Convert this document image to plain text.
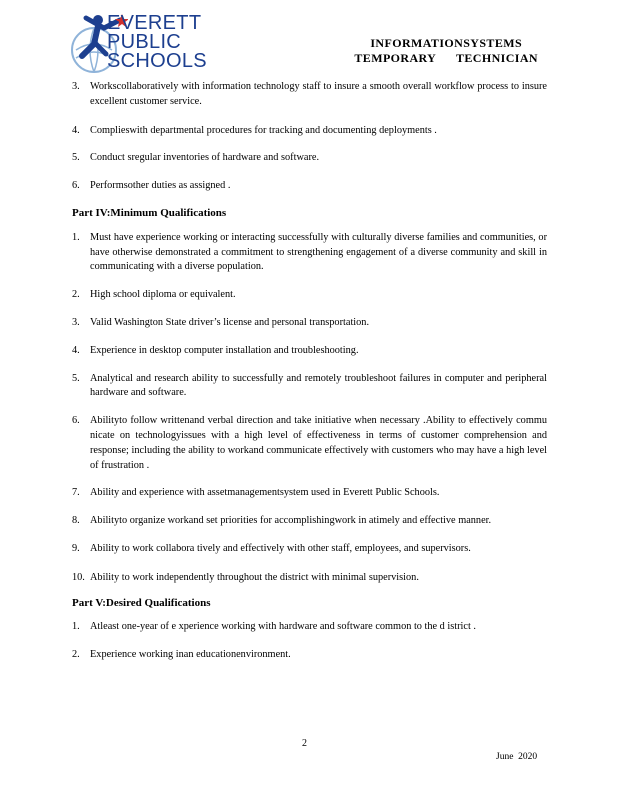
EVERETT
PUBLIC
SCHOOLS
INFORMATIONSYSTEMS
TEMPORARY      TECHNICIAN
3. Workscollaboratively with information technology staff to insure a smooth overall workflow process to insure excellent customer service.
4. Complieswith departmental procedures for tracking and documenting deployments .
5. Conduct sregular inventories of hardware and software.
6. Performsother duties as assigned .
Part IV:Minimum Qualifications
1. Must have experience working or interacting successfully with culturally diverse families and communities, or have otherwise demonstrated a commitment to strengthening engagement of a diverse community and skill in communicating with a diverse population.
2. High school diploma or equivalent.
3. Valid Washington State driver’s license and personal transportation.
4. Experience in desktop computer installation and troubleshooting.
5. Analytical and research ability to successfully and remotely troubleshoot failures in computer and peripheral hardware and software.
6. Abilityto follow writtenand verbal direction and take initiative when necessary .Ability to effectively commu nicate on technologyissues with a high level of effectiveness in terms of customer comprehension and response; including the ability to workand communicate effectively with customers who may have a high level of frustration .
7. Ability and experience with assetmanagementsystem used in Everett Public Schools.
8. Abilityto organize workand set priorities for accomplishingwork in atimely and effective manner.
9. Ability to work collabora tively and effectively with other staff, employees, and supervisors.
10. Ability to work independently throughout the district with minimal supervision.
Part V:Desired Qualifications
1. Atleast one-year of e xperience working with hardware and software common to the d istrict .
2. Experience working inan educationenvironment.
2
June  2020
